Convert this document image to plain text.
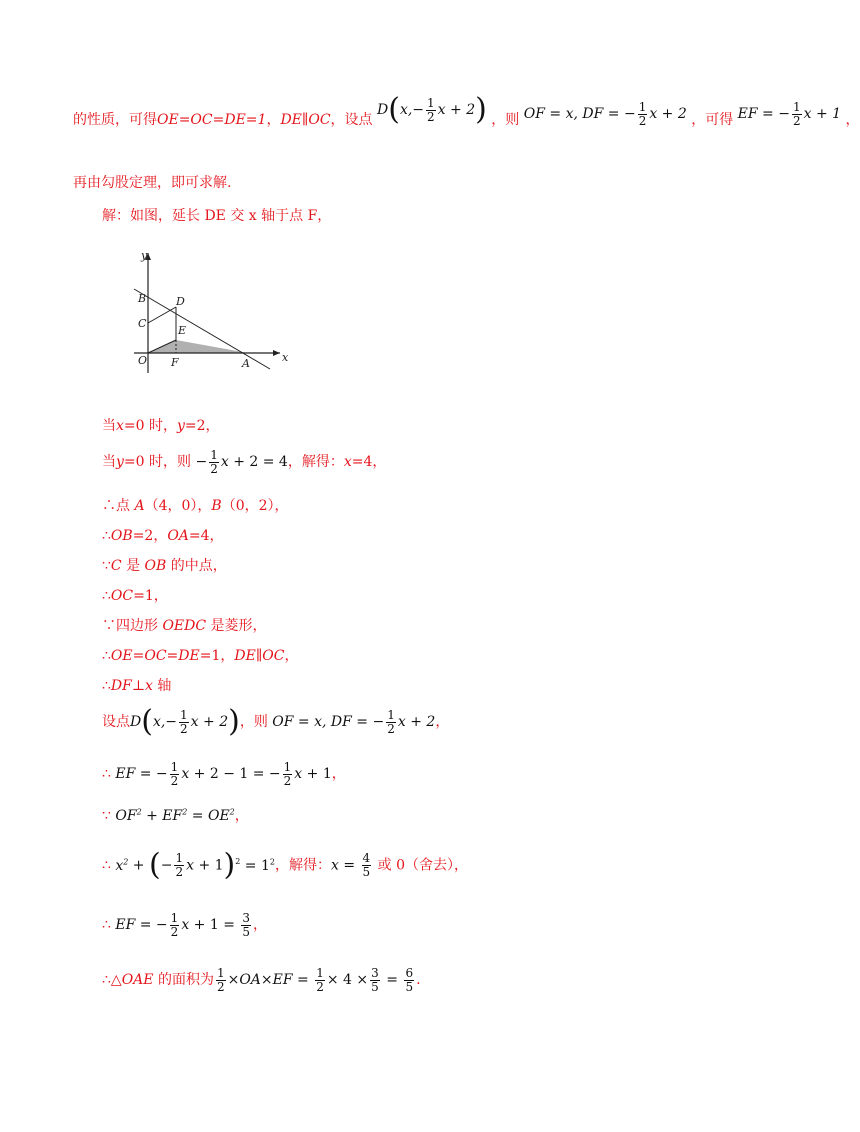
的性质，可得OE=OC=DE=1，DE∥OC，设点 $D(x,- \frac{1}{2}$ x + 2) ，则 OF = x, DF = − $\frac{1}{2}$ x + 2 ，可得 EF = − $\frac{1}{2}$ x + 1 ，
再由勾股定理，即可求解.
解：如图，延长 DE 交 x 轴于点 F，
y
x
B	D
C
E
O F	A
当x=0 时，y=2，
当y=0 时，则 − $\frac{1}{2}$ x + 2 = 4，解得：x=4，
∴点 A（4，0），B（0，2），
∴OB=2，OA=4，
∵C 是 OB 的中点，
∴OC=1，
∵四边形 OEDC 是菱形，
∴OE=OC=DE=1，DE∥OC，
∴DF⊥x 轴
设点$D(x,- \frac{1}{2}$ x + 2)，则 OF = x, DF = − $\frac{1}{2}$ x + 2，
∴ EF = − $\frac{1}{2}$ x + 2 − 1 = − $\frac{1}{2}$ x + 1，
∵ $OF^2 + EF^2 = OE^2$，
∴ $x^2$ + (− $\frac{1}{2}$ $x + 1)^2 = 1^2$，解得：$x = \frac{4}{5}$ 或 0（舍去），
∴ EF = − $\frac{1}{2}$ $x + 1 = \frac{3}{5}$ ，
∴△OAE 的面积为 $\frac{1}{2} \times OA\times EF = \frac{1}{2} \times 4 \times \frac{3}{5} = \frac{6}{5}$ .
